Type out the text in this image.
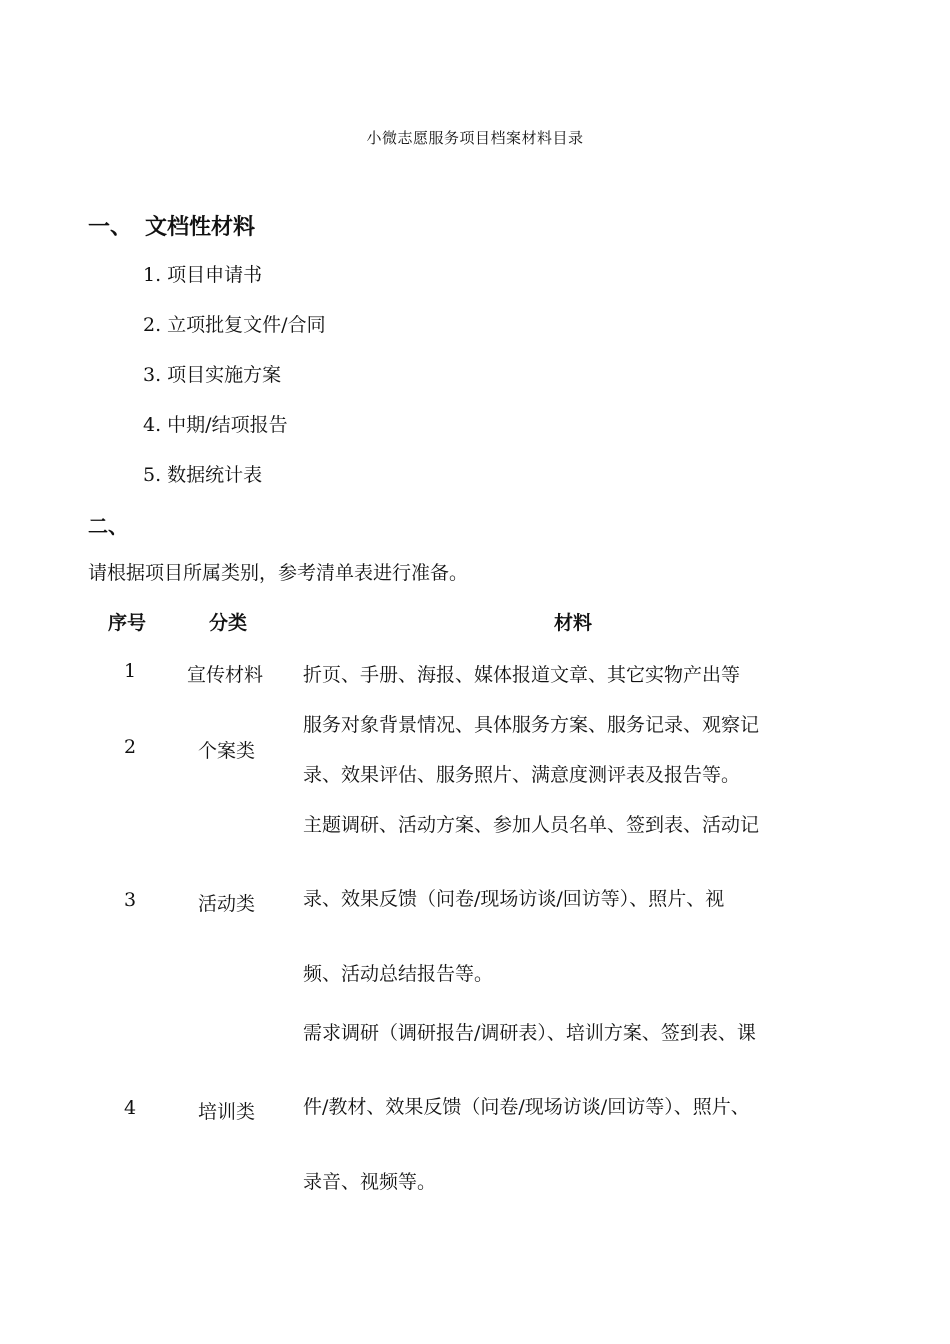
小微志愿服务项目档案材料目录
一、 文档性材料
1. 项目申请书
2. 立项批复文件/合同
3. 项目实施方案
4. 中期/结项报告
5. 数据统计表
二、
请根据项目所属类别，参考清单表进行准备。
序号	分类	材料
1	宣传材料 折页、手册、海报、媒体报道文章、其它实物产出等
2	个案类
服务对象背景情况、具体服务方案、服务记录、观察记
录、效果评估、服务照片、满意度测评表及报告等。
3	活动类
主题调研、活动方案、参加人员名单、签到表、活动记
录、效果反馈（问卷/现场访谈/回访等）、照片、视
频、活动总结报告等。
4	培训类
需求调研（调研报告/调研表）、培训方案、签到表、课
件/教材、效果反馈（问卷/现场访谈/回访等）、照片、
录音、视频等。
